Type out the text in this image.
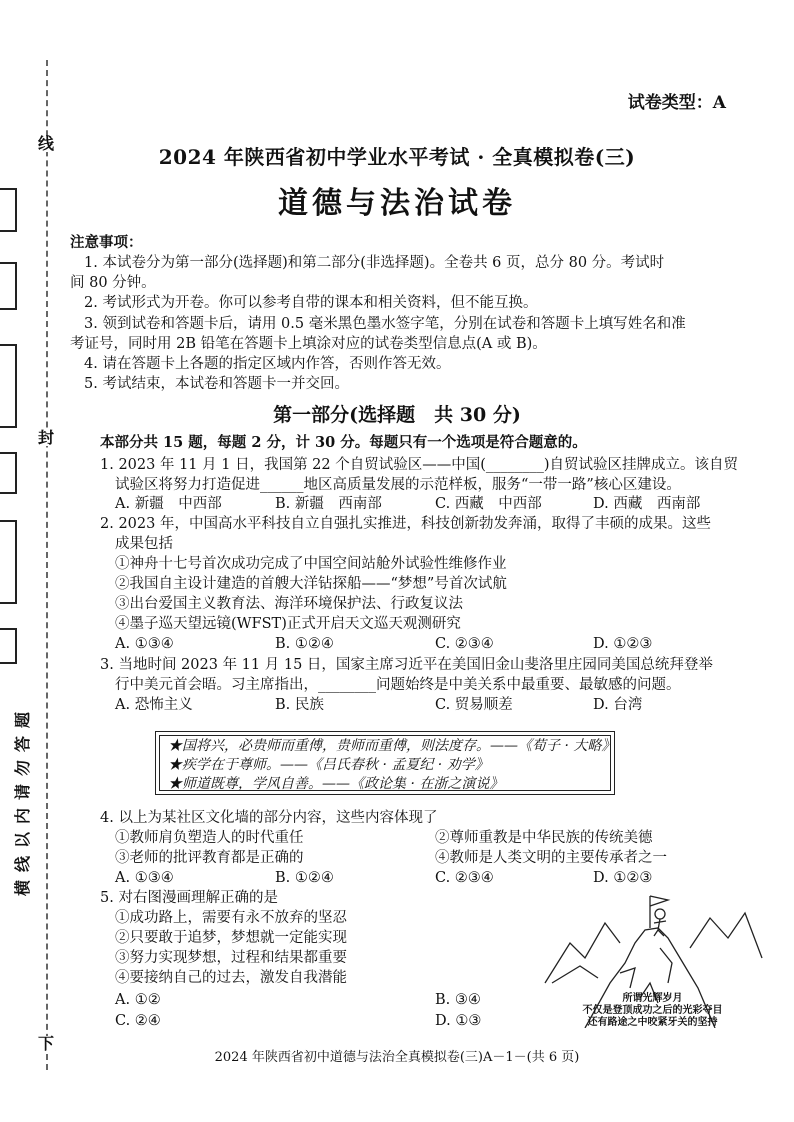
线
封
下
题
答
勿
请
内
以
线
横
试卷类型：A
2024 年陕西省初中学业水平考试 · 全真模拟卷(三)
道德与法治试卷
注意事项：
1. 本试卷分为第一部分(选择题)和第二部分(非选择题)。全卷共 6 页，总分 80 分。考试时
间 80 分钟。
2. 考试形式为开卷。你可以参考自带的课本和相关资料，但不能互换。
3. 领到试卷和答题卡后，请用 0.5 毫米黑色墨水签字笔，分别在试卷和答题卡上填写姓名和准
考证号，同时用 2B 铅笔在答题卡上填涂对应的试卷类型信息点(A 或 B)。
4. 请在答题卡上各题的指定区域内作答，否则作答无效。
5. 考试结束，本试卷和答题卡一并交回。
第一部分(选择题　共 30 分)
本部分共 15 题，每题 2 分，计 30 分。每题只有一个选项是符合题意的。
1. 2023 年 11 月 1 日，我国第 22 个自贸试验区——中国(________)自贸试验区挂牌成立。该自贸
试验区将努力打造促进______地区高质量发展的示范样板，服务“一带一路”核心区建设。
A. 新疆　中西部	B. 新疆　西南部	C. 西藏　中西部	D. 西藏　西南部
2. 2023 年，中国高水平科技自立自强扎实推进，科技创新勃发奔涌，取得了丰硕的成果。这些
成果包括
①神舟十七号首次成功完成了中国空间站舱外试验性维修作业
②我国自主设计建造的首艘大洋钻探船——“梦想”号首次试航
③出台爱国主义教育法、海洋环境保护法、行政复议法
④墨子巡天望远镜(WFST)正式开启天文巡天观测研究
A. ①③④	B. ①②④	C. ②③④	D. ①②③
3. 当地时间 2023 年 11 月 15 日，国家主席习近平在美国旧金山斐洛里庄园同美国总统拜登举
行中美元首会晤。习主席指出，________问题始终是中美关系中最重要、最敏感的问题。
A. 恐怖主义	B. 民族	C. 贸易顺差	D. 台湾
★国将兴，必贵师而重傅，贵师而重傅，则法度存。——《荀子 · 大略》
★疾学在于尊师。——《吕氏春秋 · 孟夏纪 · 劝学》
★师道既尊，学风自善。——《政论集 · 在浙之演说》
4. 以上为某社区文化墙的部分内容，这些内容体现了
①教师肩负塑造人的时代重任	②尊师重教是中华民族的传统美德
③老师的批评教育都是正确的	④教师是人类文明的主要传承者之一
A. ①③④	B. ①②④	C. ②③④	D. ①②③
5. 对右图漫画理解正确的是
①成功路上，需要有永不放弃的坚忍
②只要敢于追梦，梦想就一定能实现
③努力实现梦想，过程和结果都重要
④要接纳自己的过去，激发自我潜能
A. ①②	B. ③④
C. ②④	D. ①③
所谓光辉岁月
不仅是登顶成功之后的光彩夺目
还有路途之中咬紧牙关的坚持
2024 年陕西省初中道德与法治全真模拟卷(三)A－1－(共 6 页)
